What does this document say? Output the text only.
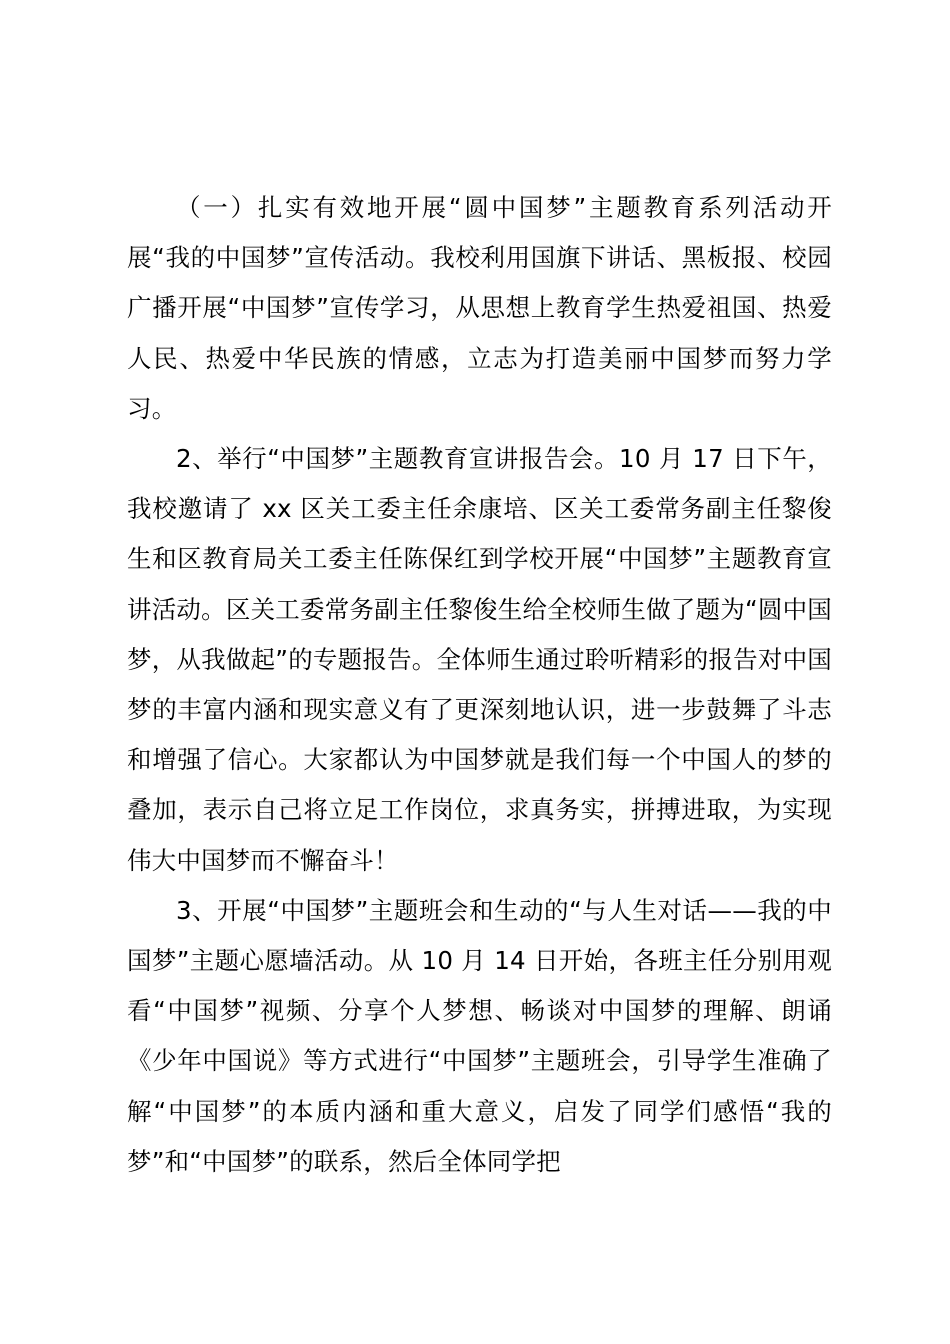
（一）扎实有效地开展“圆中国梦”主题教育系列活动开展“我的中国梦”宣传活动。我校利用国旗下讲话、黑板报、校园广播开展“中国梦”宣传学习，从思想上教育学生热爱祖国、热爱人民、热爱中华民族的情感，立志为打造美丽中国梦而努力学习。

2、举行“中国梦”主题教育宣讲报告会。10 月 17 日下午，我校邀请了 xx 区关工委主任余康培、区关工委常务副主任黎俊生和区教育局关工委主任陈保红到学校开展“中国梦”主题教育宣讲活动。区关工委常务副主任黎俊生给全校师生做了题为“圆中国梦，从我做起”的专题报告。全体师生通过聆听精彩的报告对中国梦的丰富内涵和现实意义有了更深刻地认识，进一步鼓舞了斗志和增强了信心。大家都认为中国梦就是我们每一个中国人的梦的叠加，表示自己将立足工作岗位，求真务实，拼搏进取，为实现伟大中国梦而不懈奋斗！

3、开展“中国梦”主题班会和生动的“与人生对话——我的中国梦”主题心愿墙活动。从 10 月 14 日开始，各班主任分别用观看“中国梦”视频、分享个人梦想、畅谈对中国梦的理解、朗诵《少年中国说》等方式进行“中国梦”主题班会，引导学生准确了解“中国梦”的本质内涵和重大意义，启发了同学们感悟“我的梦”和“中国梦”的联系，然后全体同学把
